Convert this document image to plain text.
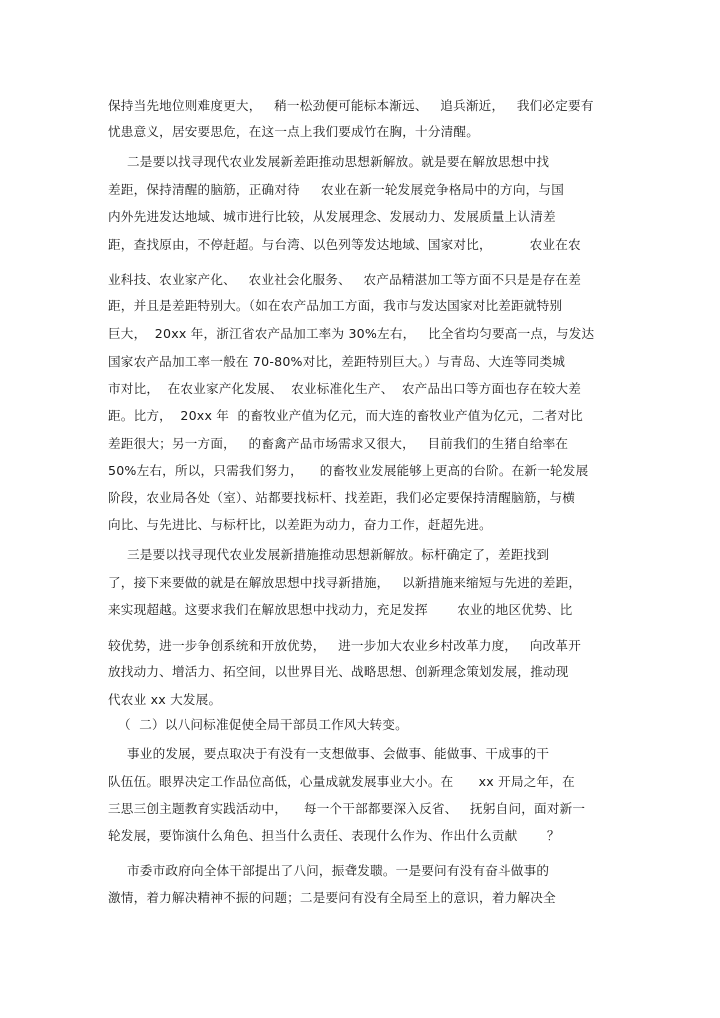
保持当先地位则难度更大，   稍一松劲便可能标本渐远、   追兵渐近，   我们必定要有
忧患意义，居安要思危，在这一点上我们要成竹在胸，十分清醒。
二是要以找寻现代农业发展新差距推动思想新解放。就是要在解放思想中找
差距，保持清醒的脑筋，正确对待     农业在新一轮发展竞争格局中的方向，与国
内外先进发达地域、城市进行比较，从发展理念、发展动力、发展质量上认清差
距，查找原由，不停赶超。与台湾、以色列等发达地域、国家对比，         农业在农
业科技、农业家产化、   农业社会化服务、   农产品精湛加工等方面不只是是存在差
距，并且是差距特别大。（如在农产品加工方面，我市与发达国家对比差距就特别
巨大，  20xx 年，浙江省农产品加工率为 30%左右，   比全省均匀要高一点，与发达
国家农产品加工率一般在 70-80%对比，差距特别巨大。）与青岛、大连等同类城
市对比，  在农业家产化发展、  农业标准化生产、  农产品出口等方面也存在较大差
距。比方，  20xx 年  的畜牧业产值为亿元，而大连的畜牧业产值为亿元，二者对比
差距很大；另一方面，   的畜禽产品市场需求又很大，   目前我们的生猪自给率在
50%左右，所以，只需我们努力，    的畜牧业发展能够上更高的台阶。在新一轮发展
阶段，农业局各处（室）、站都要找标杆、找差距，我们必定要保持清醒脑筋，与横
向比、与先进比、与标杆比，以差距为动力，奋力工作，赶超先进。
三是要以找寻现代农业发展新措施推动思想新解放。标杆确定了，差距找到
了，接下来要做的就是在解放思想中找寻新措施，   以新措施来缩短与先进的差距，
来实现超越。这要求我们在解放思想中找动力，充足发挥       农业的地区优势、比
较优势，进一步争创系统和开放优势，   进一步加大农业乡村改革力度，   向改革开
放找动力、增活力、拓空间，以世界目光、战略思想、创新理念策划发展，推动现
代农业 xx 大发展。
（  二）以八问标准促使全局干部员工作风大转变。
事业的发展，要点取决于有没有一支想做事、会做事、能做事、干成事的干
队伍伍。眼界决定工作品位高低，心量成就发展事业大小。在      xx 开局之年，在
三思三创主题教育实践活动中，    每一个干部都要深入反省、   抚躬自问，面对新一
轮发展，要饰演什么角色、担当什么责任、表现什么作为、作出什么贡献       ？
市委市政府向全体干部提出了八问，振聋发聩。一是要问有没有奋斗做事的
激情，着力解决精神不振的问题；二是要问有没有全局至上的意识，着力解决全
